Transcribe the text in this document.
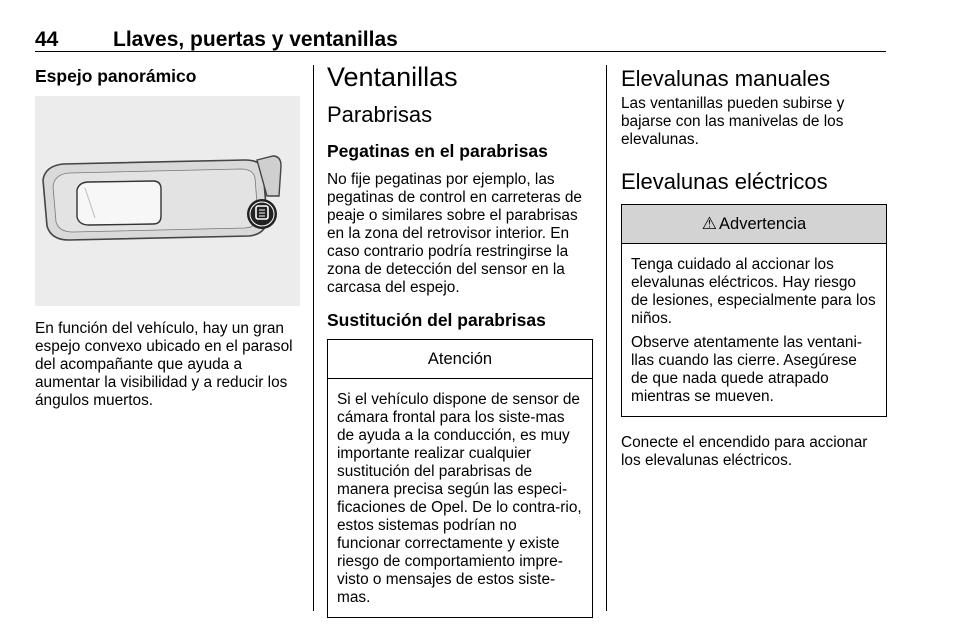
44	Llaves, puertas y ventanillas
Espejo panorámico

En función del vehículo, hay un gran espejo convexo ubicado en el parasol del acompañante que ayuda a aumentar la visibilidad y a reducir los ángulos muertos.

Ventanillas
Parabrisas
Pegatinas en el parabrisas

No fije pegatinas por ejemplo, las pegatinas de control en carreteras de peaje o similares sobre el parabrisas en la zona del retrovisor interior. En caso contrario podría restringirse la zona de detección del sensor en la carcasa del espejo.

Sustitución del parabrisas
Atención

Si el vehículo dispone de sensor de cámara frontal para los siste-mas de ayuda a la conducción, es muy importante realizar cualquier sustitución del parabrisas de manera precisa según las especi-ficaciones de Opel. De lo contra-rio, estos sistemas podrían no funcionar correctamente y existe riesgo de comportamiento impre-visto o mensajes de estos siste-mas.

Elevalunas manuales

Las ventanillas pueden subirse y bajarse con las manivelas de los elevalunas.

Elevalunas eléctricos
⚠ Advertencia

Tenga cuidado al accionar los elevalunas eléctricos. Hay riesgo de lesiones, especialmente para los niños.

Observe atentamente las ventani-llas cuando las cierre. Asegúrese de que nada quede atrapado mientras se mueven.

Conecte el encendido para accionar los elevalunas eléctricos.
